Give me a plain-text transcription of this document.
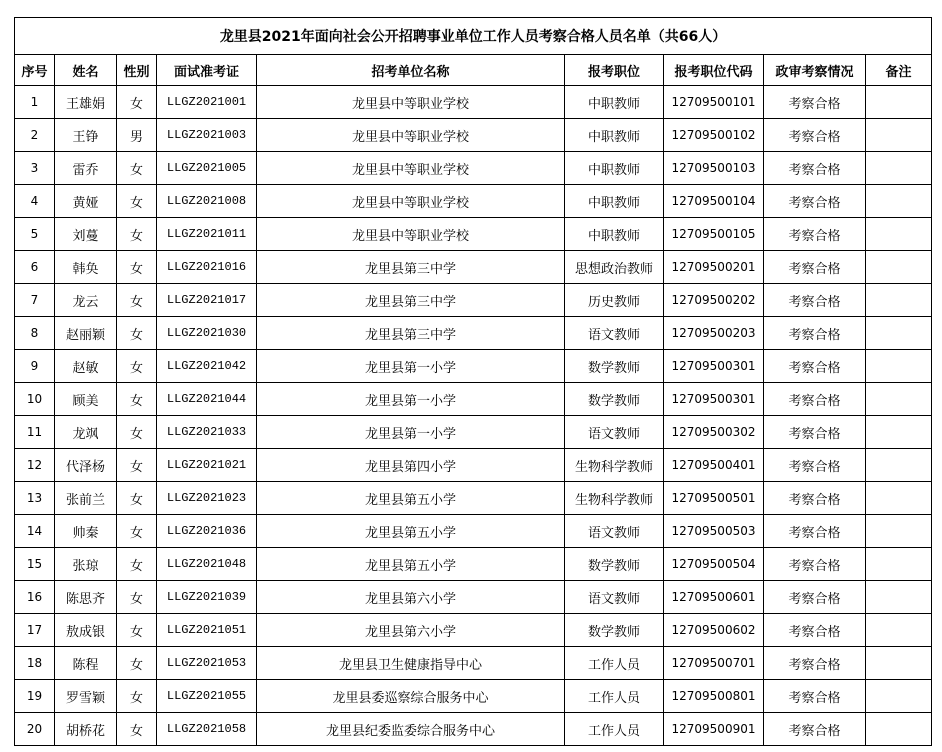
龙里县2021年面向社会公开招聘事业单位工作人员考察合格人员名单（共66人）								
序号	姓名	性别	面试准考证	招考单位名称	报考职位	报考职位代码	政审考察情况	备注
1	王雄娟	女	LLGZ2021001	龙里县中等职业学校	中职教师	12709500101	考察合格	
2	王铮	男	LLGZ2021003	龙里县中等职业学校	中职教师	12709500102	考察合格	
3	雷乔	女	LLGZ2021005	龙里县中等职业学校	中职教师	12709500103	考察合格	
4	黄娅	女	LLGZ2021008	龙里县中等职业学校	中职教师	12709500104	考察合格	
5	刘蔓	女	LLGZ2021011	龙里县中等职业学校	中职教师	12709500105	考察合格	
6	韩奂	女	LLGZ2021016	龙里县第三中学	思想政治教师	12709500201	考察合格	
7	龙云	女	LLGZ2021017	龙里县第三中学	历史教师	12709500202	考察合格	
8	赵丽颖	女	LLGZ2021030	龙里县第三中学	语文教师	12709500203	考察合格	
9	赵敏	女	LLGZ2021042	龙里县第一小学	数学教师	12709500301	考察合格	
10	顾美	女	LLGZ2021044	龙里县第一小学	数学教师	12709500301	考察合格	
11	龙飒	女	LLGZ2021033	龙里县第一小学	语文教师	12709500302	考察合格	
12	代泽杨	女	LLGZ2021021	龙里县第四小学	生物科学教师	12709500401	考察合格	
13	张前兰	女	LLGZ2021023	龙里县第五小学	生物科学教师	12709500501	考察合格	
14	帅秦	女	LLGZ2021036	龙里县第五小学	语文教师	12709500503	考察合格	
15	张琼	女	LLGZ2021048	龙里县第五小学	数学教师	12709500504	考察合格	
16	陈思齐	女	LLGZ2021039	龙里县第六小学	语文教师	12709500601	考察合格	
17	敖成银	女	LLGZ2021051	龙里县第六小学	数学教师	12709500602	考察合格	
18	陈程	女	LLGZ2021053	龙里县卫生健康指导中心	工作人员	12709500701	考察合格	
19	罗雪颖	女	LLGZ2021055	龙里县委巡察综合服务中心	工作人员	12709500801	考察合格	
20	胡桥花	女	LLGZ2021058	龙里县纪委监委综合服务中心	工作人员	12709500901	考察合格	
